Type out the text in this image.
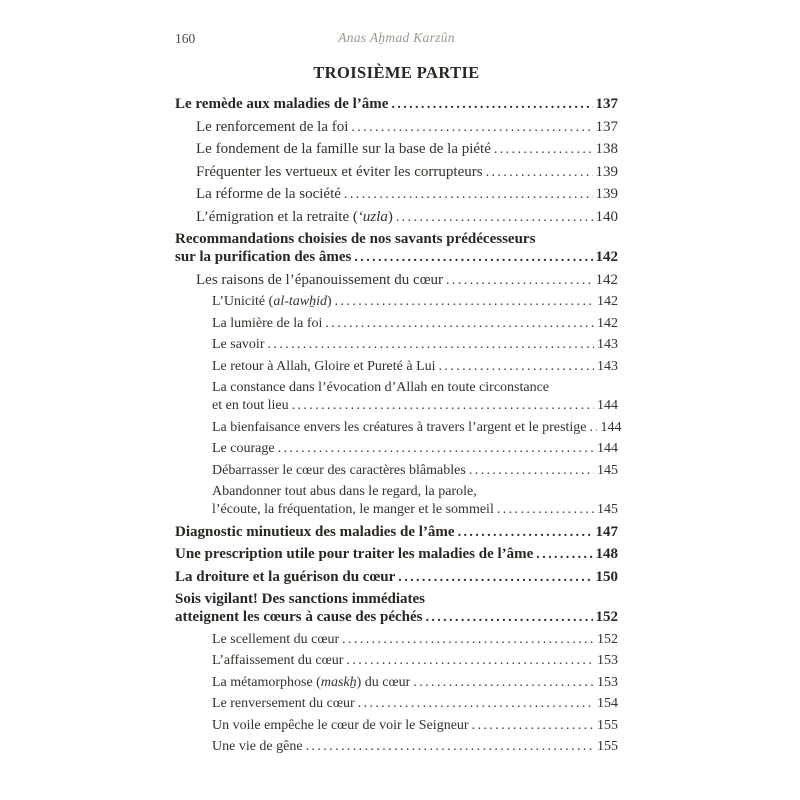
160	Anas Aẖmad Karzûn
TROISIÈME PARTIE
Le remède aux maladies de l’âme .....	137
Le renforcement de la foi .....	137
Le fondement de la famille sur la base de la piété .....	138
Fréquenter les vertueux et éviter les corrupteurs .....	139
La réforme de la société .....	139
L’émigration et la retraite (‘uzla) .....	140
Recommandations choisies de nos savants prédécesseurs
sur la purification des âmes .....	142
Les raisons de l’épanouissement du cœur .....	142
L’Unicité (al-tawẖid) .....	142
La lumière de la foi .....	142
Le savoir .....	143
Le retour à Allah, Gloire et Pureté à Lui .....	143
La constance dans l’évocation d’Allah en toute circonstance
et en tout lieu .....	144
La bienfaisance envers les créatures à travers l’argent et le prestige ..... 144
Le courage .....	144
Débarrasser le cœur des caractères blâmables .....	145
Abandonner tout abus dans le regard, la parole,
l’écoute, la fréquentation, le manger et le sommeil .....	145
Diagnostic minutieux des maladies de l’âme .....	147
Une prescription utile pour traiter les maladies de l’âme .....	148
La droiture et la guérison du cœur .....	150
Sois vigilant! Des sanctions immédiates
atteignent les cœurs à cause des péchés .....	152
Le scellement du cœur .....	152
L’affaissement du cœur .....	153
La métamorphose (maskẖ) du cœur .....	153
Le renversement du cœur .....	154
Un voile empêche le cœur de voir le Seigneur .....	155
Une vie de gêne .....	155
